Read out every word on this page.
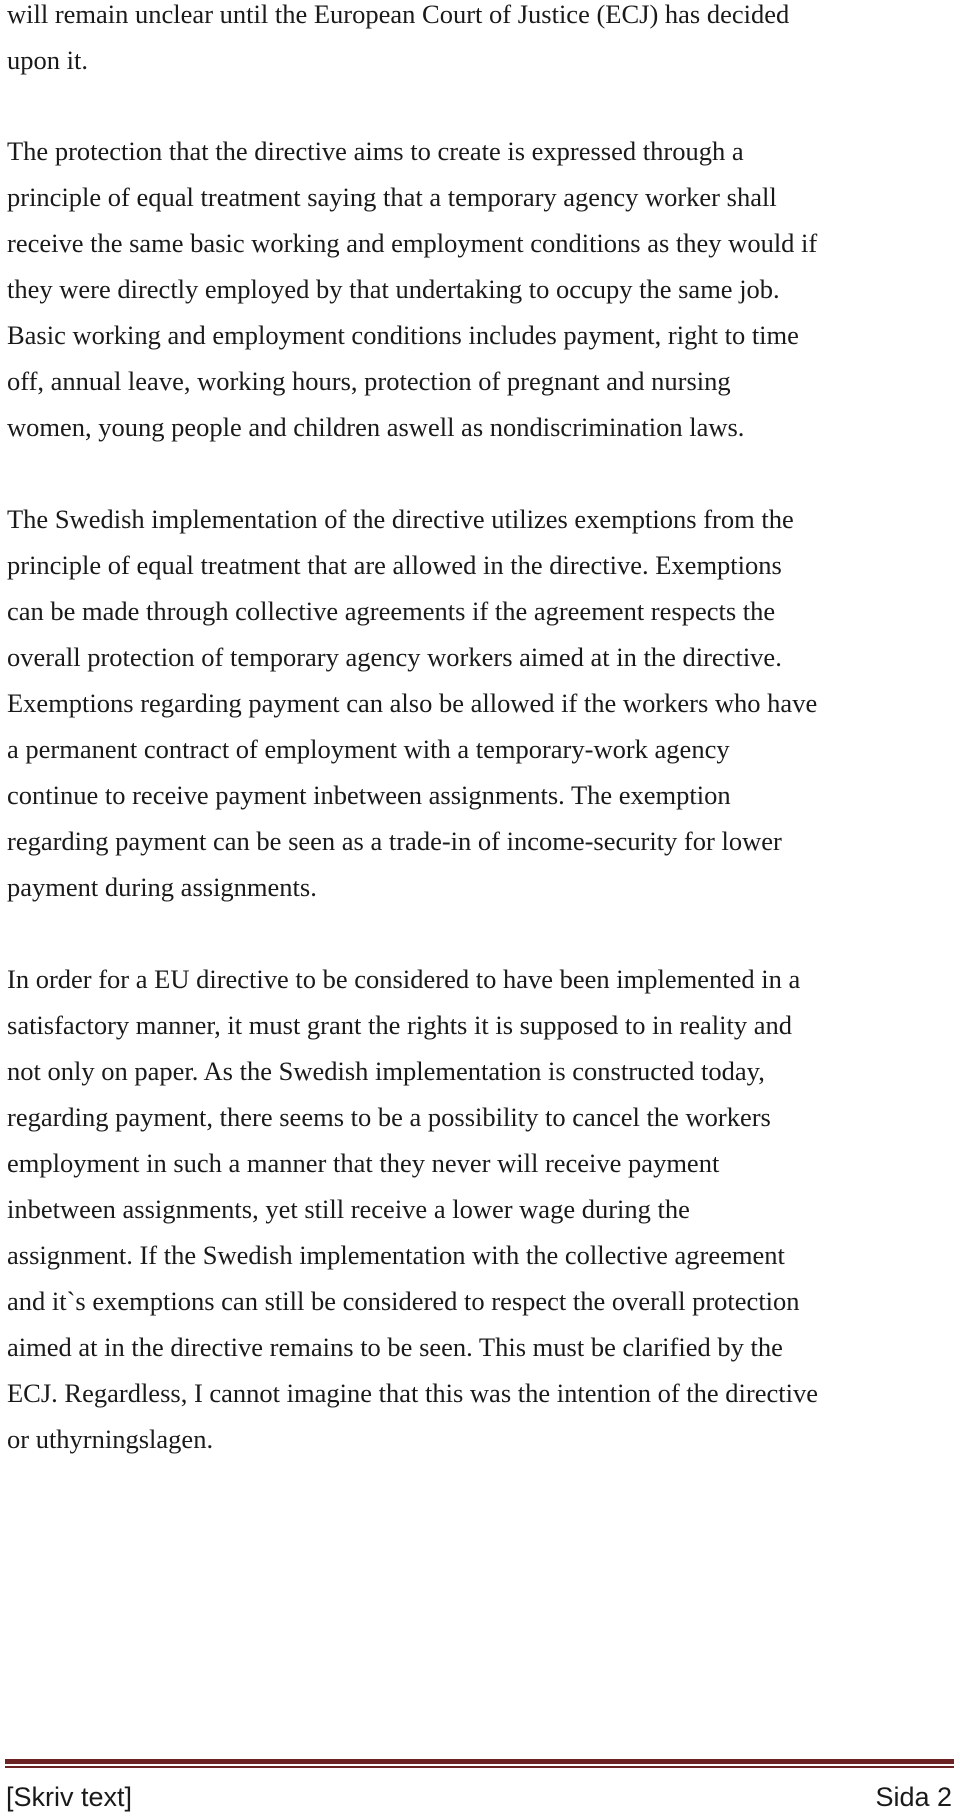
will remain unclear until the European Court of Justice (ECJ) has decided
upon it.
The protection that the directive aims to create is expressed through a
principle of equal treatment saying that a temporary agency worker shall
receive the same basic working and employment conditions as they would if
they were directly employed by that undertaking to occupy the same job.
Basic working and employment conditions includes payment, right to time
off, annual leave, working hours, protection of pregnant and nursing
women, young people and children aswell as nondiscrimination laws.
The Swedish implementation of the directive utilizes exemptions from the
principle of equal treatment that are allowed in the directive. Exemptions
can be made through collective agreements if the agreement respects the
overall protection of temporary agency workers aimed at in the directive.
Exemptions regarding payment can also be allowed if the workers who have
a permanent contract of employment with a temporary-work agency
continue to receive payment inbetween assignments. The exemption
regarding payment can be seen as a trade-in of income-security for lower
payment during assignments.
In order for a EU directive to be considered to have been implemented in a
satisfactory manner, it must grant the rights it is supposed to in reality and
not only on paper. As the Swedish implementation is constructed today,
regarding payment, there seems to be a possibility to cancel the workers
employment in such a manner that they never will receive payment
inbetween assignments, yet still receive a lower wage during the
assignment. If the Swedish implementation with the collective agreement
and it`s exemptions can still be considered to respect the overall protection
aimed at in the directive remains to be seen. This must be clarified by the
ECJ. Regardless, I cannot imagine that this was the intention of the directive
or uthyrningslagen.
[Skriv text]	Sida 2
